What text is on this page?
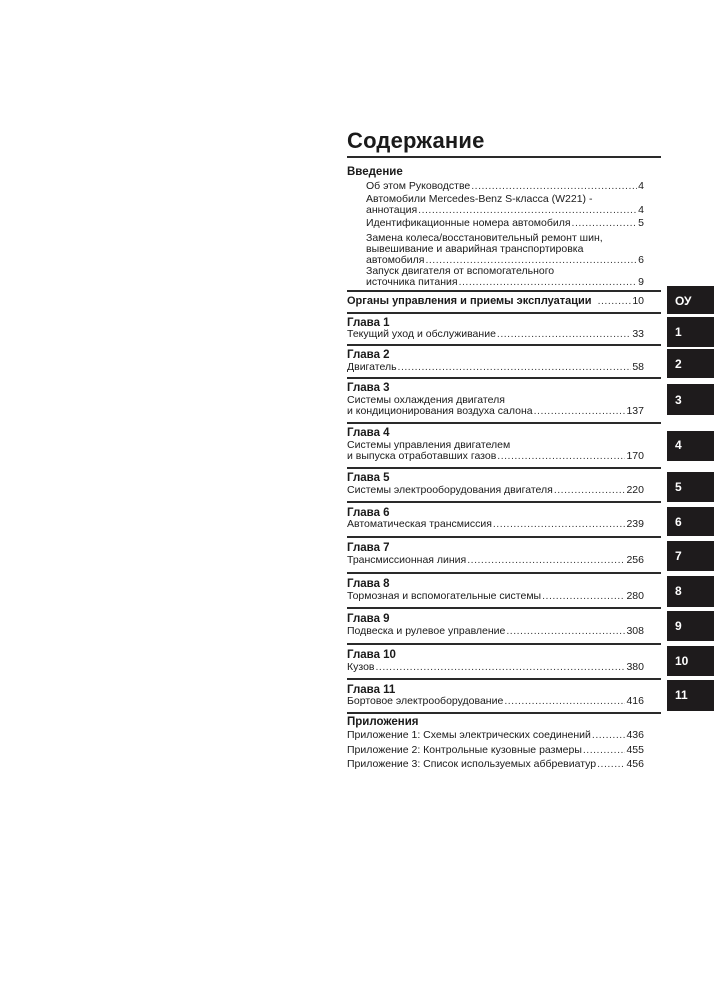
Содержание
Введение
Об этом Руководстве .....	4
Автомобили Mercedes-Benz S-класса (W221) -
аннотация .....	4
Идентификационные номера автомобиля .....	5
Замена колеса/восстановительный ремонт шин,
вывешивание и аварийная транспортировка
автомобиля .....	6
Запуск двигателя от вспомогательного
источника питания .....	9
Органы управления и приемы эксплуатации .....	10
Глава 1
Текущий уход и обслуживание .....	33
Глава 2
Двигатель .....	58
Глава 3
Системы охлаждения двигателя
и кондиционирования воздуха салона .....	137
Глава 4
Системы управления двигателем
и выпуска отработавших газов .....	170
Глава 5
Системы электрооборудования двигателя .....	220
Глава 6
Автоматическая трансмиссия .....	239
Глава 7
Трансмиссионная линия .....	256
Глава 8
Тормозная и вспомогательные системы .....	280
Глава 9
Подвеска и рулевое управление .....	308
Глава 10
Кузов .....	380
Глава 11
Бортовое электрооборудование .....	416
Приложения
Приложение 1: Схемы электрических соединений .....	436
Приложение 2: Контрольные кузовные размеры .....	455
Приложение 3: Список используемых аббревиатур .....	456
ОУ
1
2
3
4
5
6
7
8
9
10
11
